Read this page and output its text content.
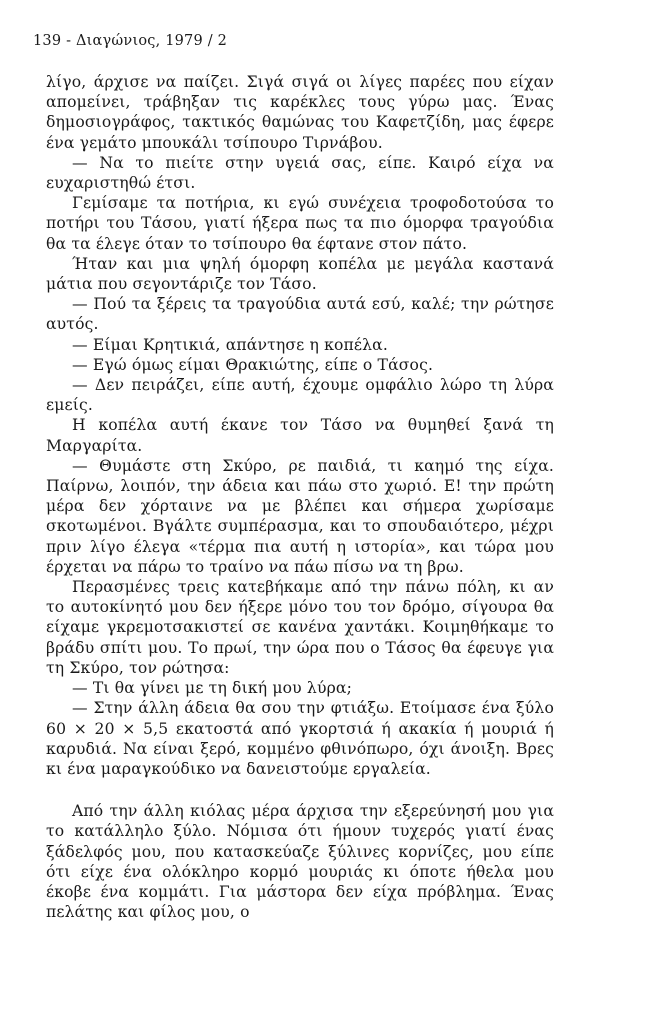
139 - Διαγώνιος, 1979 / 2

λίγο, άρχισε να παίζει. Σιγά σιγά οι λίγες παρέες που είχαν απομείνει, τράβηξαν τις καρέκλες τους γύρω μας. Ένας δημοσιογράφος, τακτικός θαμώνας του Καφετζίδη, μας έφερε ένα γεμάτο μπουκάλι τσίπουρο Τιρνάβου.

— Να το πιείτε στην υγειά σας, είπε. Καιρό είχα να ευχαριστηθώ έτσι.

Γεμίσαμε τα ποτήρια, κι εγώ συνέχεια τροφοδοτούσα το ποτήρι του Τάσου, γιατί ήξερα πως τα πιο όμορφα τραγούδια θα τα έλεγε όταν το τσίπουρο θα έφτανε στον πάτο.

Ήταν και μια ψηλή όμορφη κοπέλα με μεγάλα καστανά μάτια που σεγοντάριζε τον Τάσο.

— Πού τα ξέρεις τα τραγούδια αυτά εσύ, καλέ; την ρώτησε αυτός.

— Είμαι Κρητικιά, απάντησε η κοπέλα.

— Εγώ όμως είμαι Θρακιώτης, είπε ο Τάσος.

— Δεν πειράζει, είπε αυτή, έχουμε ομφάλιο λώρο τη λύρα εμείς.

Η κοπέλα αυτή έκανε τον Τάσο να θυμηθεί ξανά τη Μαργαρίτα.

— Θυμάστε στη Σκύρο, ρε παιδιά, τι καημό της είχα. Παίρνω, λοιπόν, την άδεια και πάω στο χωριό. Ε! την πρώτη μέρα δεν χόρταινε να με βλέπει και σήμερα χωρίσαμε σκοτωμένοι. Βγάλτε συμπέρασμα, και το σπουδαιότερο, μέχρι πριν λίγο έλεγα «τέρμα πια αυτή η ιστορία», και τώρα μου έρχεται να πάρω το τραίνο να πάω πίσω να τη βρω.

Περασμένες τρεις κατεβήκαμε από την πάνω πόλη, κι αν το αυτοκίνητό μου δεν ήξερε μόνο του τον δρόμο, σίγουρα θα είχαμε γκρεμοτσακιστεί σε κανένα χαντάκι. Κοιμηθήκαμε το βράδυ σπίτι μου. Το πρωί, την ώρα που ο Τάσος θα έφευγε για τη Σκύρο, τον ρώτησα:

— Τι θα γίνει με τη δική μου λύρα;

— Στην άλλη άδεια θα σου την φτιάξω. Ετοίμασε ένα ξύλο 60 × 20 × 5,5 εκατοστά από γκορτσιά ή ακακία ή μουριά ή καρυδιά. Να είναι ξερό, κομμένο φθινόπωρο, όχι άνοιξη. Βρες κι ένα μαραγκούδικο να δανειστούμε εργαλεία.

Από την άλλη κιόλας μέρα άρχισα την εξερεύνησή μου για το κατάλληλο ξύλο. Νόμισα ότι ήμουν τυχερός γιατί ένας ξάδελφός μου, που κατασκεύαζε ξύλινες κορνίζες, μου είπε ότι είχε ένα ολόκληρο κορμό μουριάς κι όποτε ήθελα μου έκοβε ένα κομμάτι. Για μάστορα δεν είχα πρόβλημα. Ένας πελάτης και φίλος μου, ο
